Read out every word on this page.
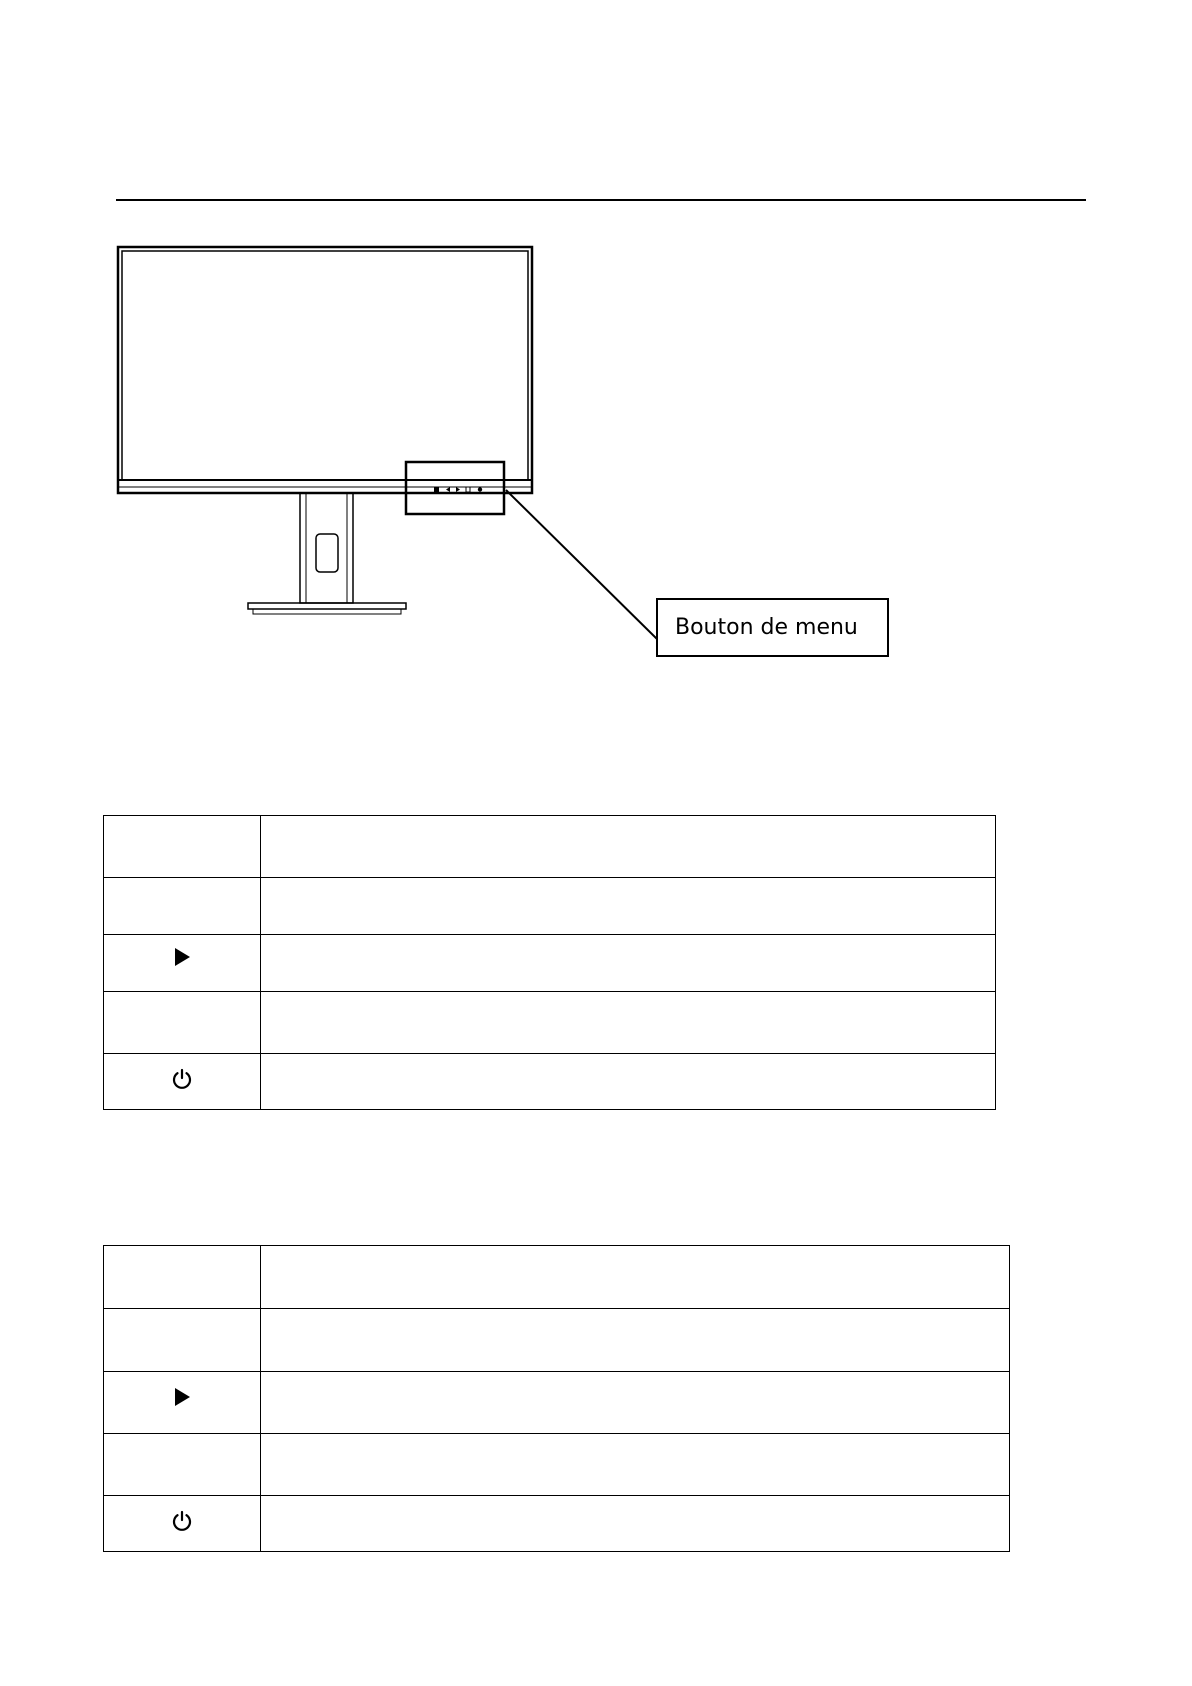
Bouton de menu
